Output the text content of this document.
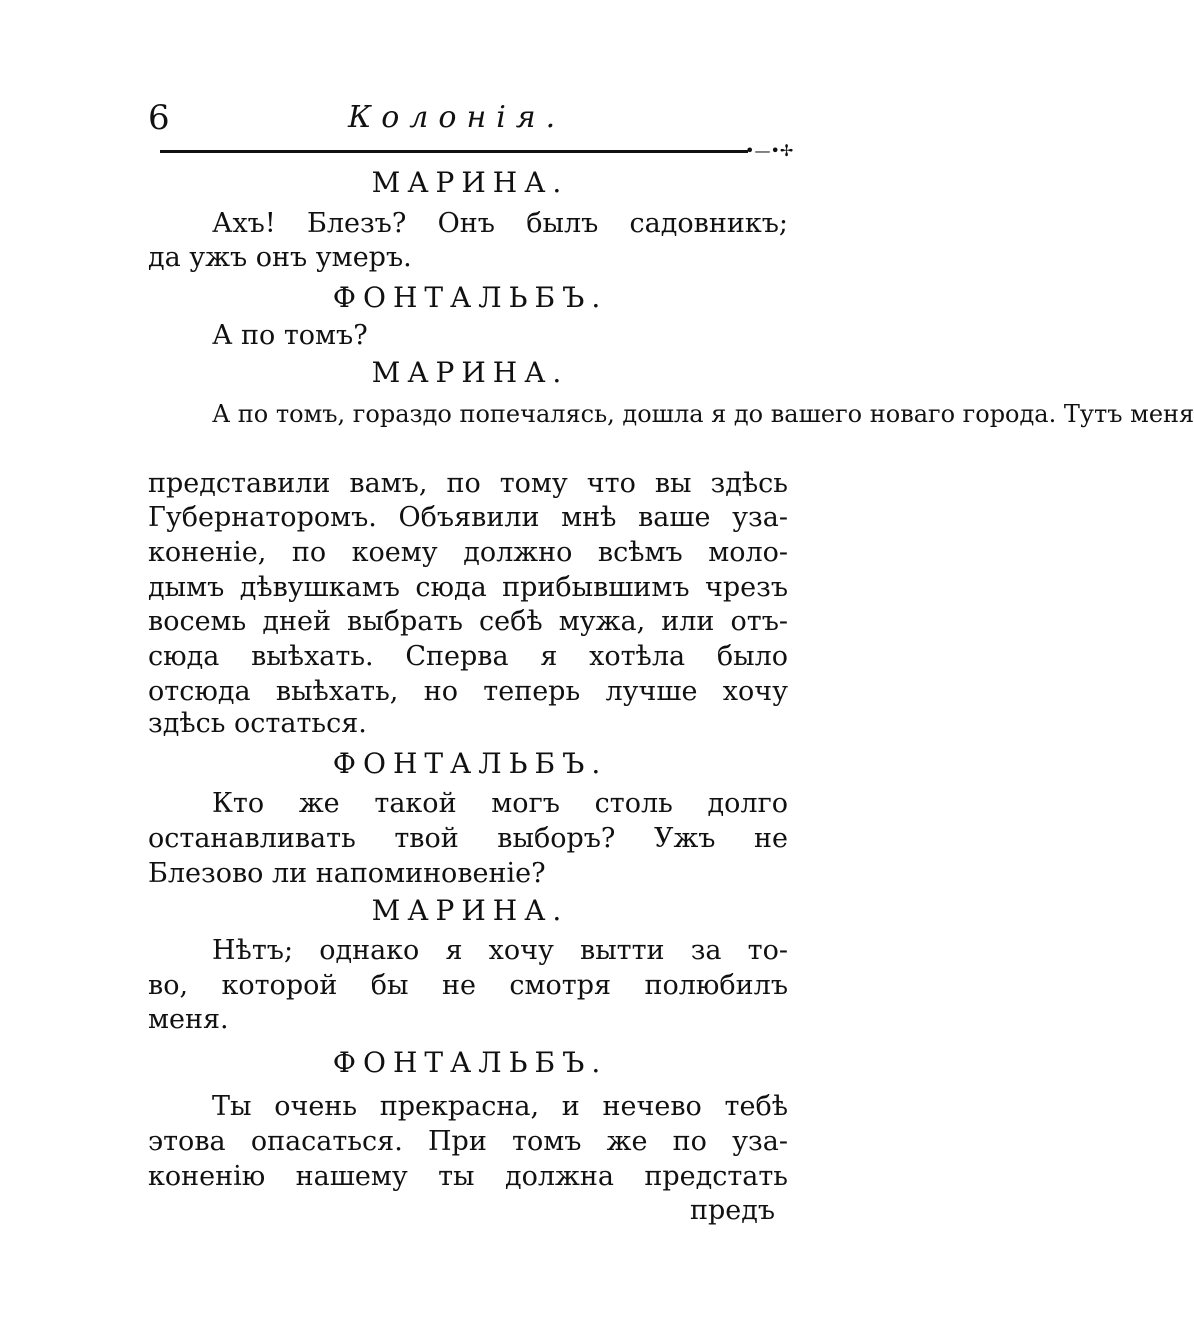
6	Колонія.
•—•✢
МАРИНА.
Ахъ! Блезъ? Онъ былъ садовникъ;
да ужъ онъ умеръ.
ФОНТАЛЬБЪ.
А по томъ?
МАРИНА.
А по томъ, гораздо попечалясь, дошла я до вашего новаго города. Тутъ меня
представили вамъ, по тому что вы здѣсь
Губернаторомъ. Объявили мнѣ ваше уза-
коненіе, по коему должно всѣмъ моло-
дымъ дѣвушкамъ сюда прибывшимъ чрезъ
восемь дней выбрать себѣ мужа, или отъ-
сюда выѣхать. Сперва я хотѣла было
отсюда выѣхать, но теперь лучше хочу
здѣсь остаться.
ФОНТАЛЬБЪ.
Кто же такой могъ столь долго
останавливать твой выборъ? Ужъ не
Блезово ли напоминовеніе?
МАРИНА.
Нѣтъ; однако я хочу вытти за то-
во, которой бы не смотря полюбилъ
меня.
ФОНТАЛЬБЪ.
Ты очень прекрасна, и нечево тебѣ
этова опасаться. При томъ же по уза-
коненію нашему ты должна предстать
предъ
